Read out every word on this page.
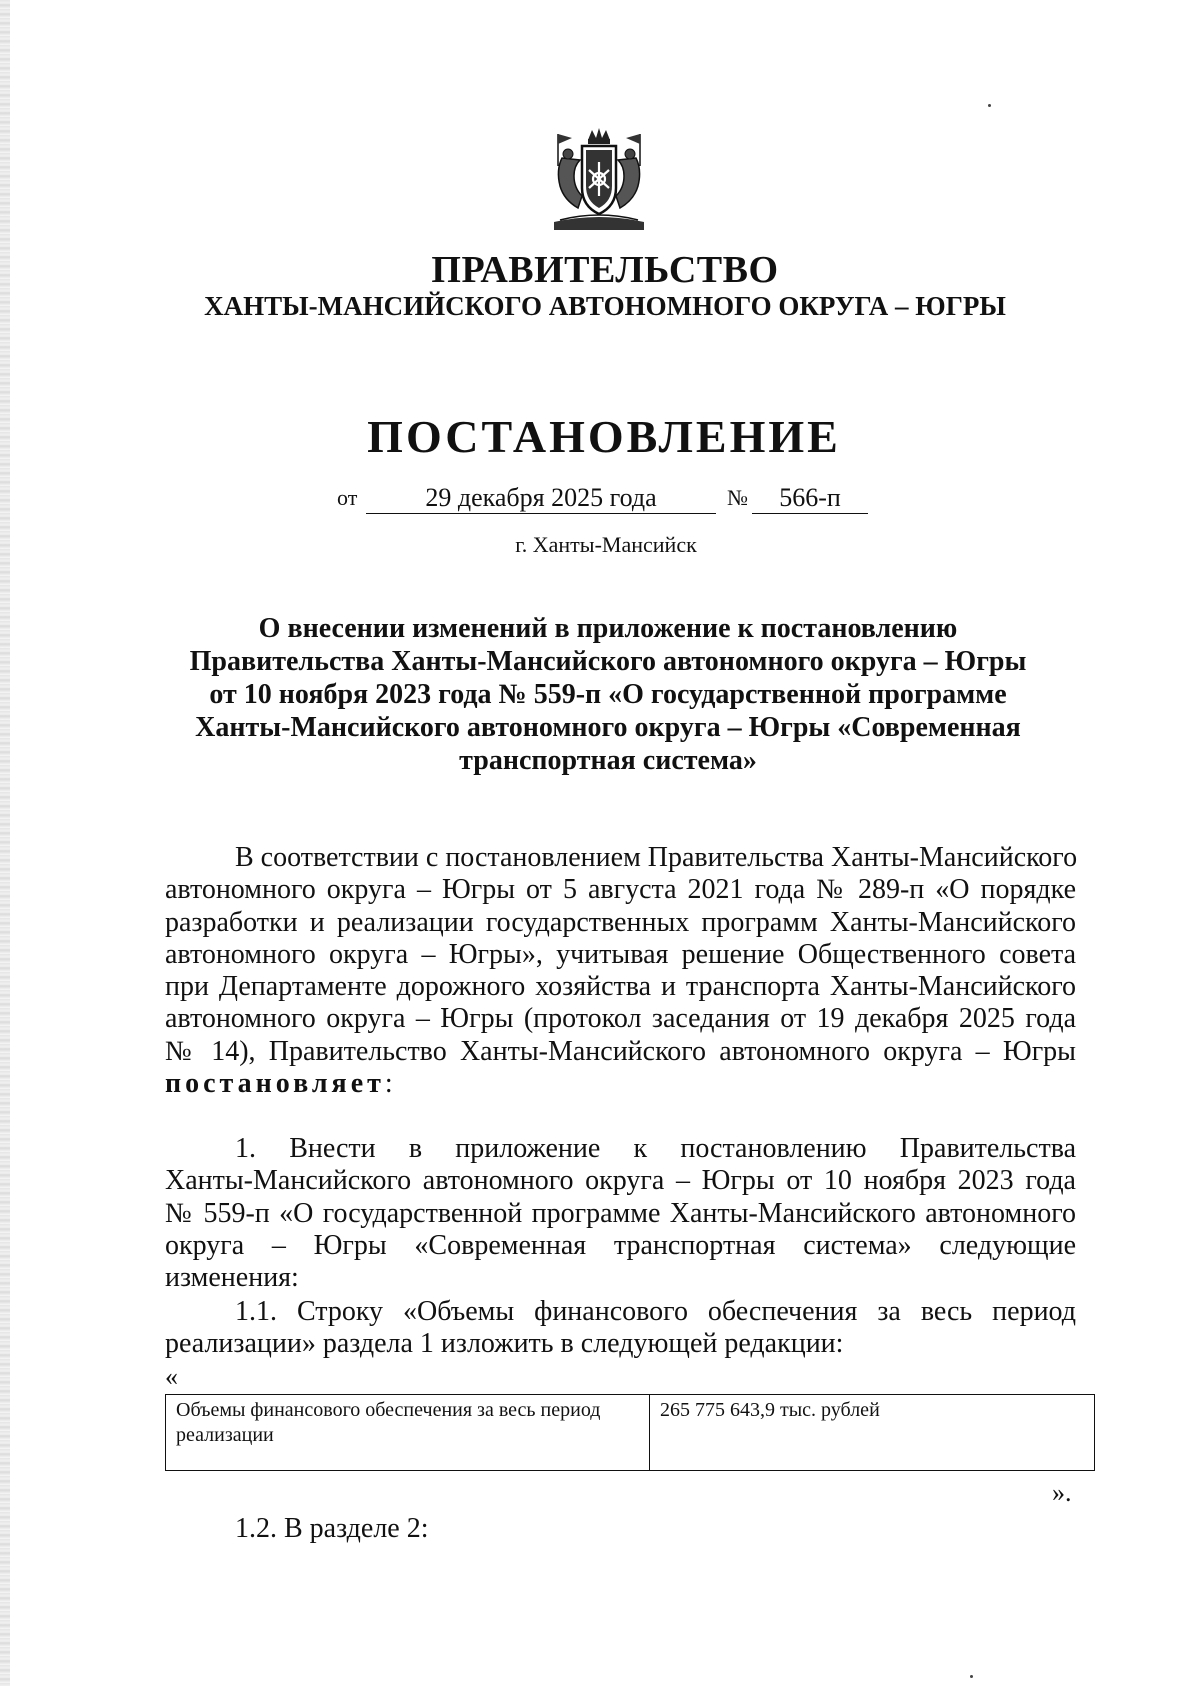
ПРАВИТЕЛЬСТВО
ХАНТЫ-МАНСИЙСКОГО АВТОНОМНОГО ОКРУГА – ЮГРЫ
ПОСТАНОВЛЕНИЕ
от	29 декабря 2025 года	№	566-п
г. Ханты-Мансийск
О внесении изменений в приложение к постановлению
Правительства Ханты-Мансийского автономного округа – Югры
от 10 ноября 2023 года № 559-п «О государственной программе
Ханты-Мансийского автономного округа – Югры «Современная
транспортная система»
В соответствии с постановлением Правительства Ханты-Мансийского
автономного округа – Югры от 5 августа 2021 года № 289-п «О порядке
разработки и реализации государственных программ Ханты-Мансийского
автономного округа – Югры», учитывая решение Общественного совета
при Департаменте дорожного хозяйства и транспорта Ханты-Мансийского
автономного округа – Югры (протокол заседания от 19 декабря 2025 года
№ 14), Правительство Ханты-Мансийского автономного округа – Югры
постановляет:
1. Внести в приложение к постановлению Правительства
Ханты-Мансийского автономного округа – Югры от 10 ноября 2023 года
№ 559-п «О государственной программе Ханты-Мансийского автономного
округа – Югры «Современная транспортная система» следующие
изменения:
1.1. Строку «Объемы финансового обеспечения за весь период
реализации» раздела 1 изложить в следующей редакции:
«
Объемы финансового обеспечения за весь период реализации	265 775 643,9 тыс. рублей
».
1.2. В разделе 2:
